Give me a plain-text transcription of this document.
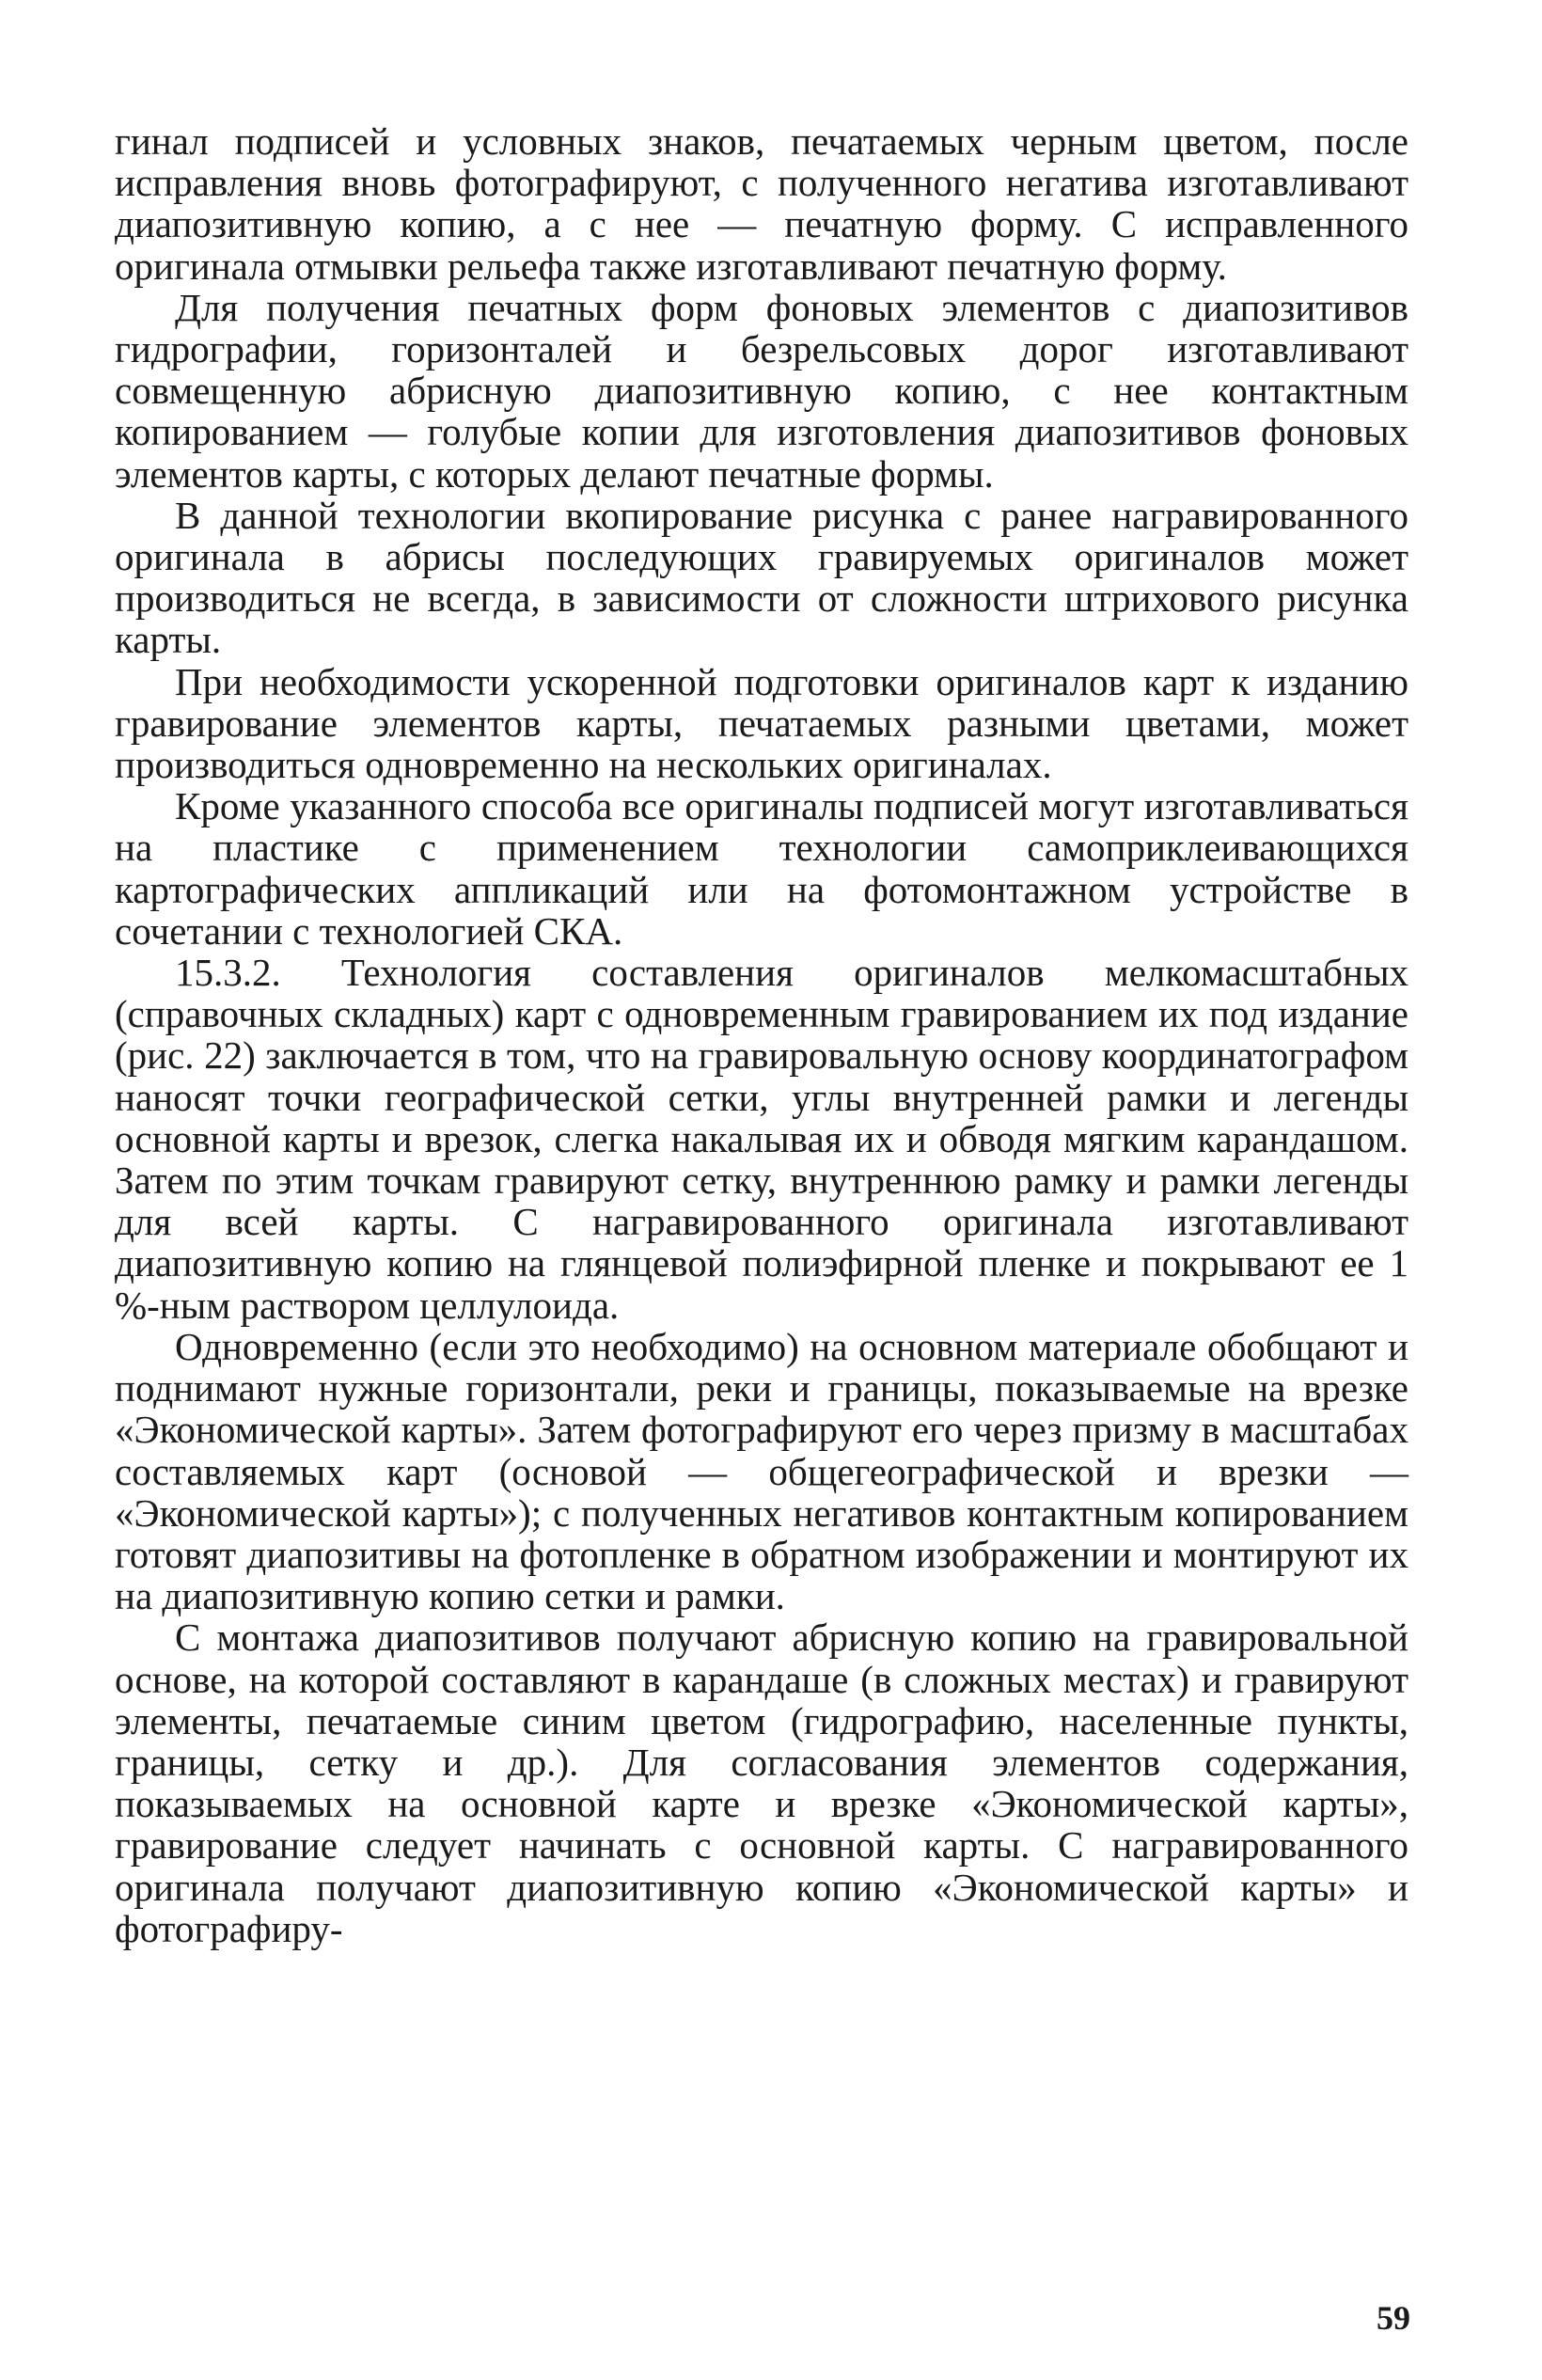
гинал подписей и условных знаков, печатаемых черным цветом, после исправления вновь фотографируют, с полученного негатива изготавливают диапозитивную копию, а с нее — печатную форму. С исправленного оригинала отмывки рельефа также изготавливают печатную форму.

Для получения печатных форм фоновых элементов с диапозитивов гидрографии, горизонталей и безрельсовых дорог изготавливают совмещенную абрисную диапозитивную копию, с нее контактным копированием — голубые копии для изготовления диапозитивов фоновых элементов карты, с которых делают печатные формы.

В данной технологии вкопирование рисунка с ранее награвированного оригинала в абрисы последующих гравируемых оригиналов может производиться не всегда, в зависимости от сложности штрихового рисунка карты.

При необходимости ускоренной подготовки оригиналов карт к изданию гравирование элементов карты, печатаемых разными цветами, может производиться одновременно на нескольких оригиналах.

Кроме указанного способа все оригиналы подписей могут изготавливаться на пластике с применением технологии самоприклеивающихся картографических аппликаций или на фотомонтажном устройстве в сочетании с технологией СКА.

15.3.2. Технология составления оригиналов мелкомасштабных (справочных складных) карт с одновременным гравированием их под издание (рис. 22) заключается в том, что на гравировальную основу координатографом наносят точки географической сетки, углы внутренней рамки и легенды основной карты и врезок, слегка накалывая их и обводя мягким карандашом. Затем по этим точкам гравируют сетку, внутреннюю рамку и рамки легенды для всей карты. С награвированного оригинала изготавливают диапозитивную копию на глянцевой полиэфирной пленке и покрывают ее 1 %-ным раствором целлулоида.

Одновременно (если это необходимо) на основном материале обобщают и поднимают нужные горизонтали, реки и границы, показываемые на врезке «Экономической карты». Затем фотографируют его через призму в масштабах составляемых карт (основой — общегеографической и врезки — «Экономической карты»); с полученных негативов контактным копированием готовят диапозитивы на фотопленке в обратном изображении и монтируют их на диапозитивную копию сетки и рамки.

С монтажа диапозитивов получают абрисную копию на гравировальной основе, на которой составляют в карандаше (в сложных местах) и гравируют элементы, печатаемые синим цветом (гидрографию, населенные пункты, границы, сетку и др.). Для согласования элементов содержания, показываемых на основной карте и врезке «Экономической карты», гравирование следует начинать с основной карты. С награвированного оригинала получают диапозитивную копию «Экономической карты» и фотографиру-

59
